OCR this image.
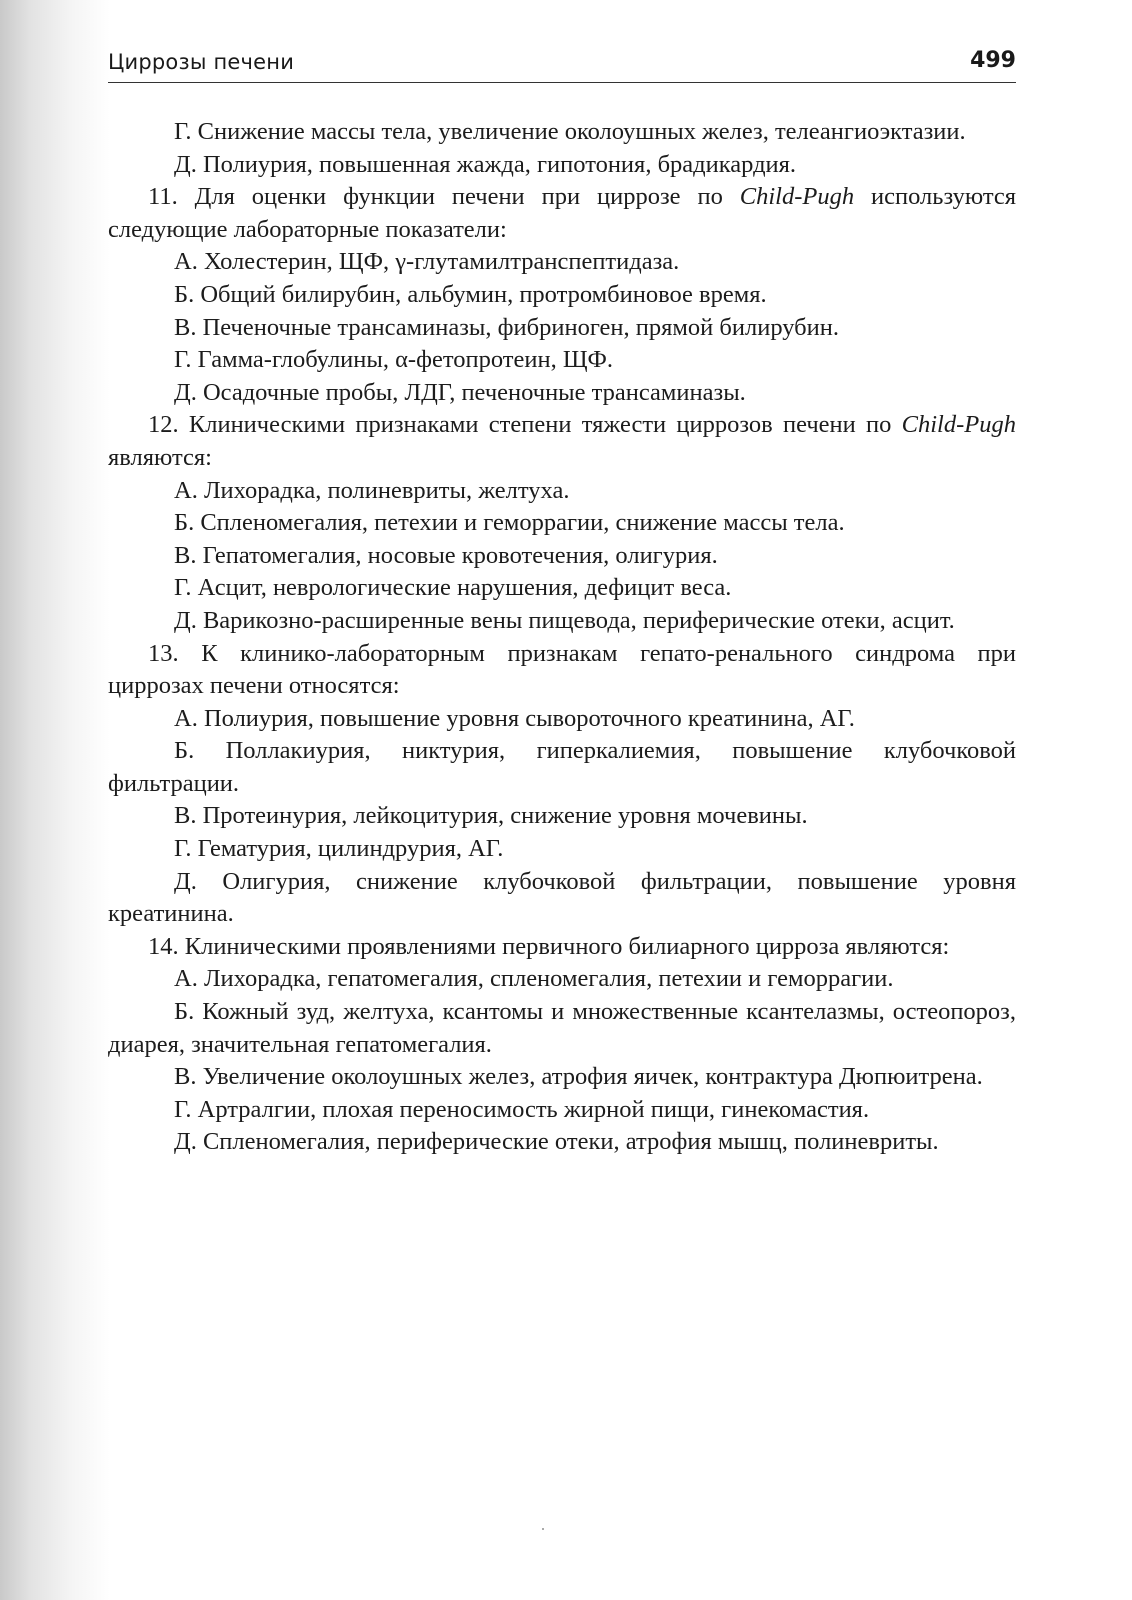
Циррозы печени	499

Г. Снижение массы тела, увеличение околоушных желез, телеангиоэктазии.

Д. Полиурия, повышенная жажда, гипотония, брадикардия.

11. Для оценки функции печени при циррозе по Child-Pugh используются следующие лабораторные показатели:

А. Холестерин, ЩФ, γ-глутамилтранспептидаза.

Б. Общий билирубин, альбумин, протромбиновое время.

В. Печеночные трансаминазы, фибриноген, прямой билирубин.

Г. Гамма-глобулины, α-фетопротеин, ЩФ.

Д. Осадочные пробы, ЛДГ, печеночные трансаминазы.

12. Клиническими признаками степени тяжести циррозов печени по Child-Pugh являются:

А. Лихорадка, полиневриты, желтуха.

Б. Спленомегалия, петехии и геморрагии, снижение массы тела.

В. Гепатомегалия, носовые кровотечения, олигурия.

Г. Асцит, неврологические нарушения, дефицит веса.

Д. Варикозно-расширенные вены пищевода, периферические отеки, асцит.

13. К клинико-лабораторным признакам гепато-ренального синдрома при циррозах печени относятся:

А. Полиурия, повышение уровня сывороточного креатинина, АГ.

Б. Поллакиурия, никтурия, гиперкалиемия, повышение клубочковой фильтрации.

В. Протеинурия, лейкоцитурия, снижение уровня мочевины.

Г. Гематурия, цилиндрурия, АГ.

Д. Олигурия, снижение клубочковой фильтрации, повышение уровня креатинина.

14. Клиническими проявлениями первичного билиарного цирроза являются:

А. Лихорадка, гепатомегалия, спленомегалия, петехии и геморрагии.

Б. Кожный зуд, желтуха, ксантомы и множественные ксантелазмы, остеопороз, диарея, значительная гепатомегалия.

В. Увеличение околоушных желез, атрофия яичек, контрактура Дюпюитрена.

Г. Артралгии, плохая переносимость жирной пищи, гинекомастия.

Д. Спленомегалия, периферические отеки, атрофия мышц, полиневриты.
